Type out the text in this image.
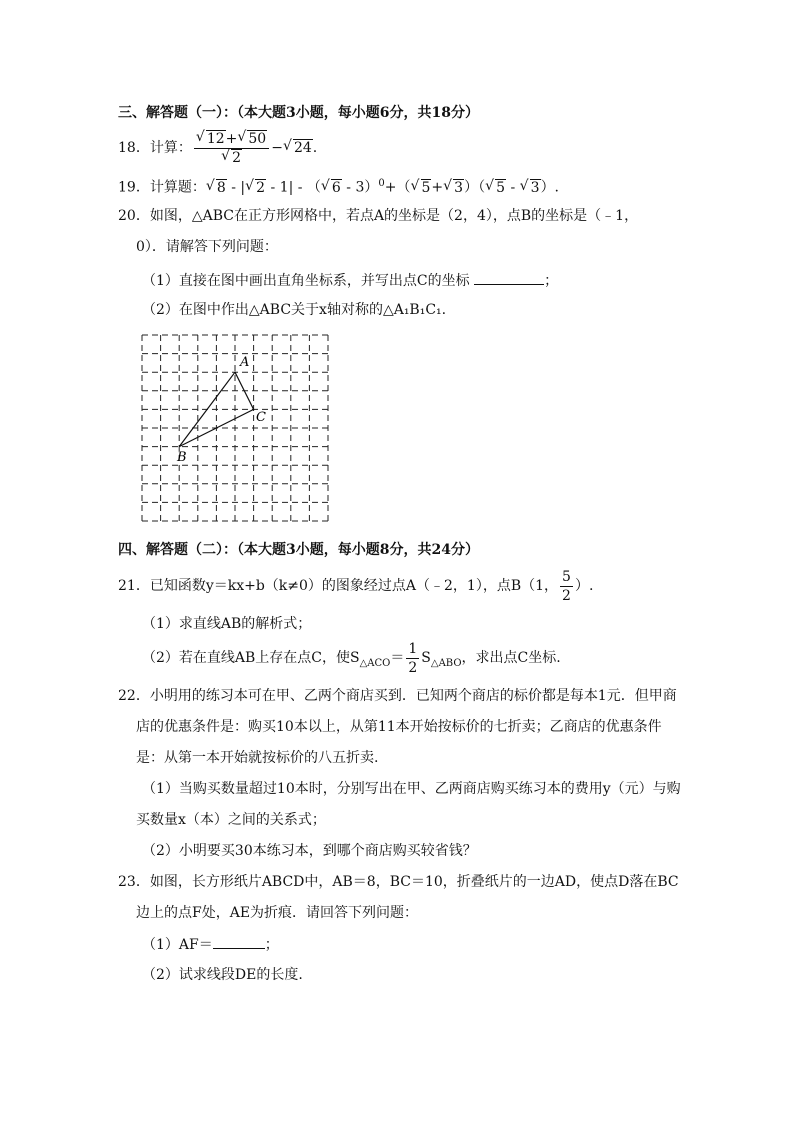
三、解答题（一）：（本大题3小题，每小题6分，共18分）
18．计算： √ 12+ √ 50
√ 2 − √ 24.
19．计算题： √ 8 - | √ 2 - 1| - （ √ 6 - 3）$^0$+（ √ 5+ √ 3）（ √ 5 - √ 3）.
20．如图，△ABC在正方形网格中，若点A的坐标是（2，4），点B的坐标是（﹣1，
0）．请解答下列问题：
（1）直接在图中画出直角坐标系，并写出点C的坐标	；
（2）在图中作出△ABC关于x轴对称的△A₁B₁C₁.
A
C
B
四、解答题（二）：（本大题3小题，每小题8分，共24分）
21．已知函数y＝kx+b（k≠0）的图象经过点A（﹣2，1），点B（1， $\frac{5}{2}$ ）.
（1）求直线AB的解析式；
（2）若在直线AB上存在点C，使$S_{\triangle ACO}= \frac{1}{2} S_{\triangle ABO}$，求出点C坐标.
22．小明用的练习本可在甲、乙两个商店买到．已知两个商店的标价都是每本1元．但甲商
店的优惠条件是：购买10本以上，从第11本开始按标价的七折卖；乙商店的优惠条件
是：从第一本开始就按标价的八五折卖.
（1）当购买数量超过10本时，分别写出在甲、乙两商店购买练习本的费用y（元）与购
买数量x（本）之间的关系式；
（2）小明要买30本练习本，到哪个商店购买较省钱？
23．如图，长方形纸片ABCD中，AB＝8，BC＝10，折叠纸片的一边AD，使点D落在BC
边上的点F处，AE为折痕．请回答下列问题：
（1）AF＝	；
（2）试求线段DE的长度.
